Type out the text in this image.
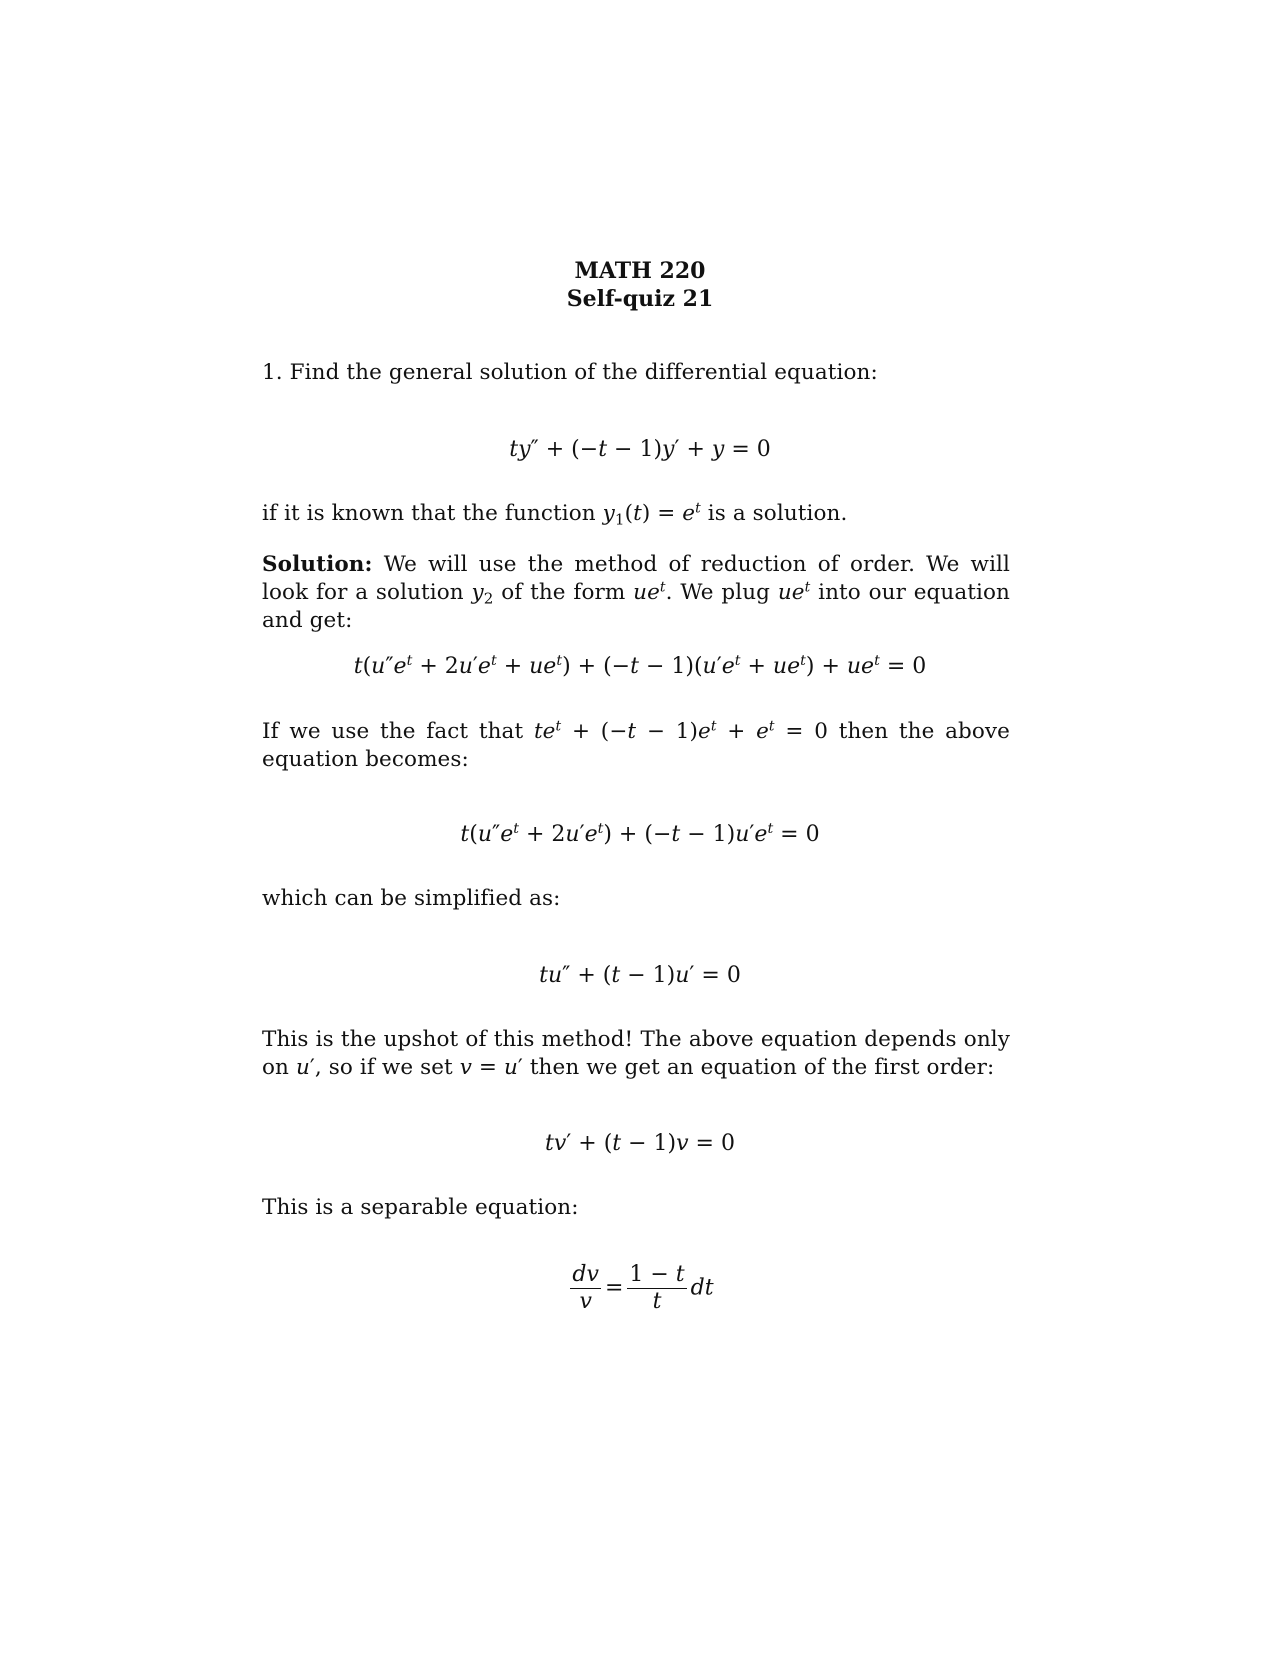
MATH 220
Self-quiz 21
1. Find the general solution of the differential equation:
ty″ + (−t − 1)y′ + y = 0
if it is known that the function $y_1(t) = e^t$ is a solution.
Solution: We will use the method of reduction of order. We will look for a solution $y_2$ of the form $ue^t$. We plug $ue^t$ into our equation and get:
$t(u''e^t + 2u'e^t + ue^t) + (-t - 1)(u'e^t + ue^t) + ue^t = 0$
If we use the fact that $te^t + (-t - 1)e^t + e^t = 0$ then the above equation becomes:
$t(u''e^t + 2u'e^t) + (-t - 1)u'e^t = 0$
which can be simplified as:
tu″ + (t − 1)u′ = 0
This is the upshot of this method! The above equation depends only on u′, so if we set v = u′ then we get an equation of the first order:
tv′ + (t − 1)v = 0
This is a separable equation:
$\frac{dv}{v} = \frac{1 - t}{t}$ dt
